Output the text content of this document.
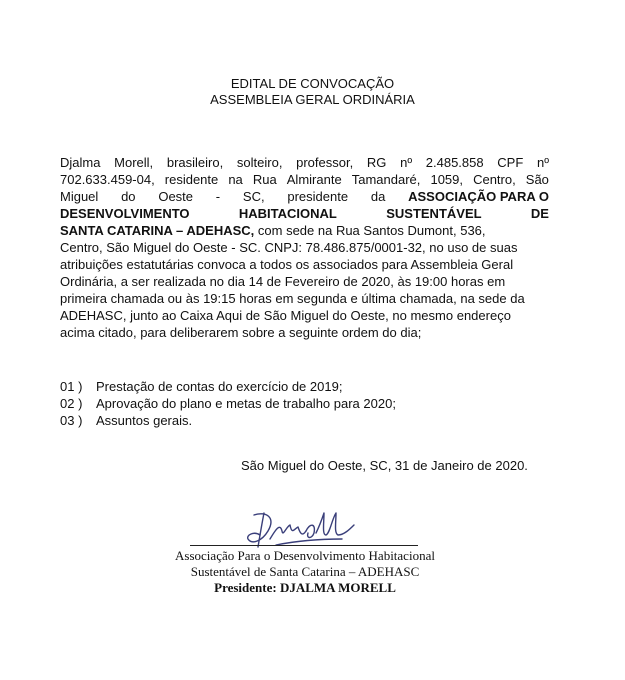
EDITAL DE CONVOCAÇÃO
ASSEMBLEIA GERAL ORDINÁRIA
Djalma Morell, brasileiro, solteiro, professor, RG nº 2.485.858 CPF nº
702.633.459-04, residente na Rua Almirante Tamandaré, 1059, Centro, São
Miguel do Oeste - SC, presidente da ASSOCIAÇÃO PARA O
DESENVOLVIMENTO	HABITACIONAL	SUSTENTÁVEL	DE
SANTA CATARINA – ADEHASC, com sede na Rua Santos Dumont, 536,
Centro, São Miguel do Oeste - SC. CNPJ: 78.486.875/0001-32, no uso de suas
atribuições estatutárias convoca a todos os associados para Assembleia Geral
Ordinária, a ser realizada no dia 14 de Fevereiro de 2020, às 19:00 horas em
primeira chamada ou às 19:15 horas em segunda e última chamada, na sede da
ADEHASC, junto ao Caixa Aqui de São Miguel do Oeste, no mesmo endereço
acima citado, para deliberarem sobre a seguinte ordem do dia;
01 ) Prestação de contas do exercício de 2019;
02 ) Aprovação do plano e metas de trabalho para 2020;
03 ) Assuntos gerais.
São Miguel do Oeste, SC, 31 de Janeiro de 2020.
Associação Para o Desenvolvimento Habitacional
Sustentável de Santa Catarina – ADEHASC
Presidente: DJALMA MORELL
